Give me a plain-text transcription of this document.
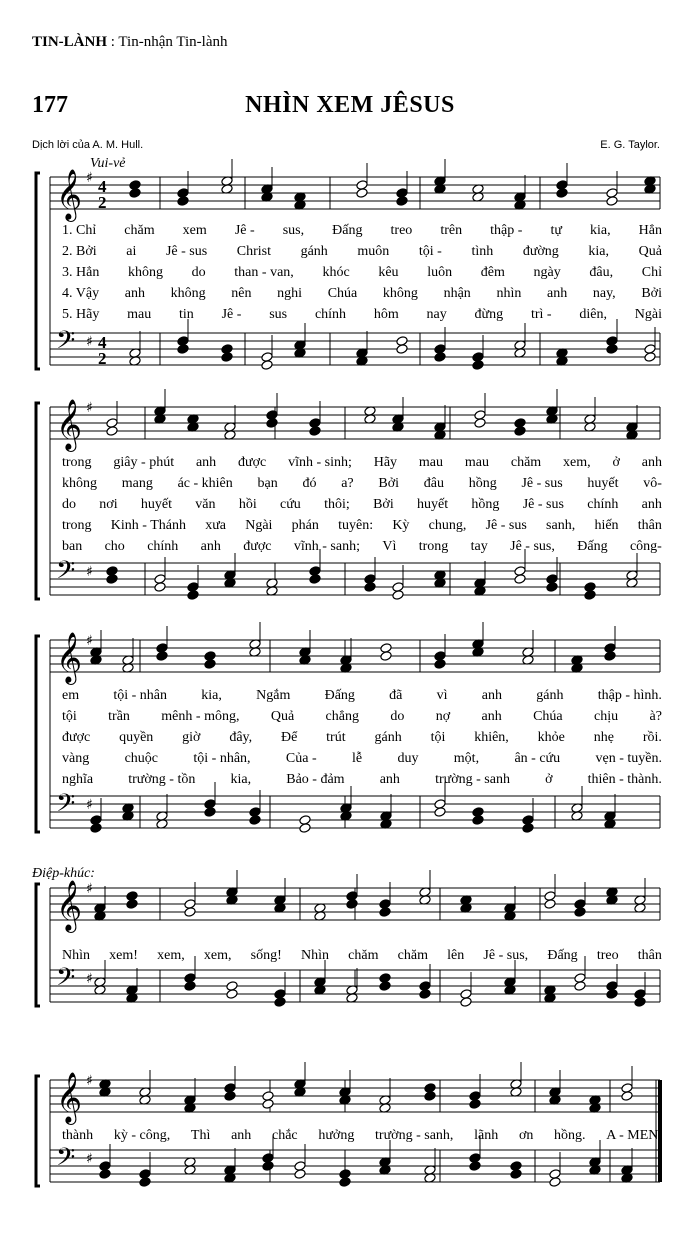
TIN-LÀNH : Tin-nhận Tin-lành
177	NHÌN XEM JÊSUS
Dịch lời của A. M. Hull.	E. G. Taylor.
Vui-vẻ
Điệp-khúc:
𝄞 ♯ 4
2
𝄢 ♯ 4
2
𝄞 ♯
𝄢 ♯
𝄞 ♯
𝄢 ♯
𝄞 ♯
𝄢 ♯
𝄞 ♯
𝄢 ♯
1. Chỉ chăm xem Jê - sus, Đấng treo trên thập - tự kia, Hẳn
2. Bởi ai Jê - sus Christ gánh muôn tội - tình đường kia, Quả
3. Hẳn không do than - van, khóc kêu luôn đêm ngày đâu, Chỉ
4. Vậy anh không nên nghi Chúa không nhận nhìn anh nay, Bởi
5. Hãy mau tin Jê - sus chính hôm nay đừng trì - diên, Ngài
trong giây - phút anh được vĩnh - sinh; Hãy mau mau chăm xem, ở anh
không mang ác - khiên bạn đó a? Bởi đâu hồng Jê - sus huyết vô-
do nơi huyết văn hồi cứu thôi; Bởi huyết hồng Jê - sus chính anh
trong Kinh - Thánh xưa Ngài phán tuyên: Kỳ chung, Jê - sus sanh, hiến thân
ban cho chính anh được vĩnh - sanh; Vì trong tay Jê - sus, Đấng công-
em tội - nhân kia, Ngắm Đấng đã vì anh gánh thập - hình.
tội trần mênh - mông, Quả chẳng do nợ anh Chúa chịu à?
được quyền giờ đây, Để trút gánh tội khiên, khỏe nhẹ rồi.
vàng	chuộc	tội - nhân,	Của -	lễ	duy	một,	ân - cứu	vẹn - tuyền.
nghĩa	trường - tồn	kia,	Bảo - đảm	anh	trường - sanh	ở	thiên - thành.
Nhìn xem! xem, xem, sống! Nhìn chăm chăm lên Jê - sus, Đấng treo thân
thành kỳ - công, Thì anh chắc hưởng trường - sanh, lãnh ơn hồng. A - MEN.
